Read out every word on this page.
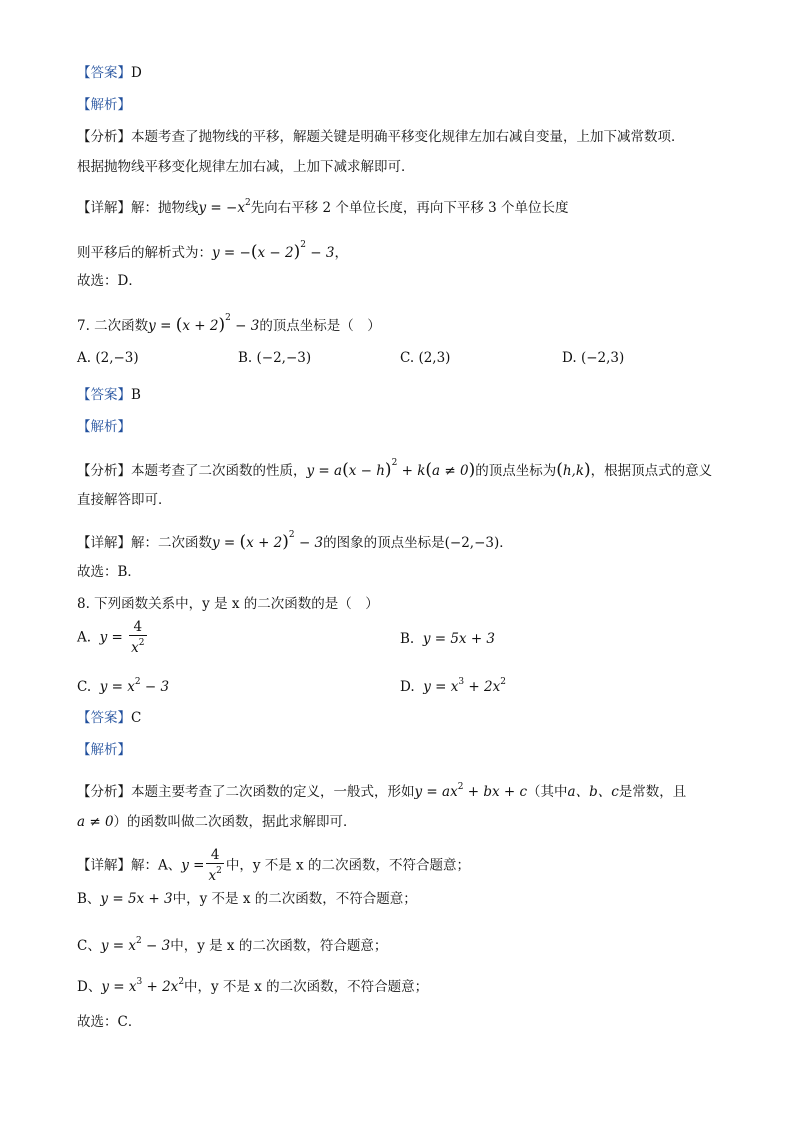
【答案】D
【解析】
【分析】本题考查了抛物线的平移，解题关键是明确平移变化规律左加右减自变量，上加下减常数项．
根据抛物线平移变化规律左加右减，上加下减求解即可．
【详解】解：抛物线$y = -x^2$先向右平移 2 个单位长度，再向下平移 3 个单位长度
则平移后的解析式为：$y = -(x - 2)^2 - 3$，
故选：D．
7. 二次函数$y = (x + 2)^2 - 3$的顶点坐标是（　）
A. (2,−3)	B. (−2,−3)	C. (2,3)	D. (−2,3)
【答案】B
【解析】
【分析】本题考查了二次函数的性质，$y = a(x - h)^2 + k(a \ne 0)$的顶点坐标为(h,k)，根据顶点式的意义
直接解答即可．
【详解】解：二次函数$y = (x + 2)^2 - 3$的图象的顶点坐标是(−2,−3)．
故选：B．
8. 下列函数关系中，y 是 x 的二次函数的是（　）
A. $y = \frac{4}{x^2}$	B. y = 5x + 3
C. $y = x^2 - 3$	D. $y = x^3 + 2x^2$
【答案】C
【解析】
【分析】本题主要考查了二次函数的定义，一般式，形如$y = ax^2$ + bx + c（其中a、b、c是常数，且
a ≠ 0）的函数叫做二次函数，据此求解即可．
【详解】解：A、$y = \frac{4}{x^2}$ 中，y 不是 x 的二次函数，不符合题意；
B、y = 5x + 3中，y 不是 x 的二次函数，不符合题意；
C、$y = x^2 - 3$中，y 是 x 的二次函数，符合题意；
D、$y = x^3 + 2x^2$中，y 不是 x 的二次函数，不符合题意；
故选：C．
